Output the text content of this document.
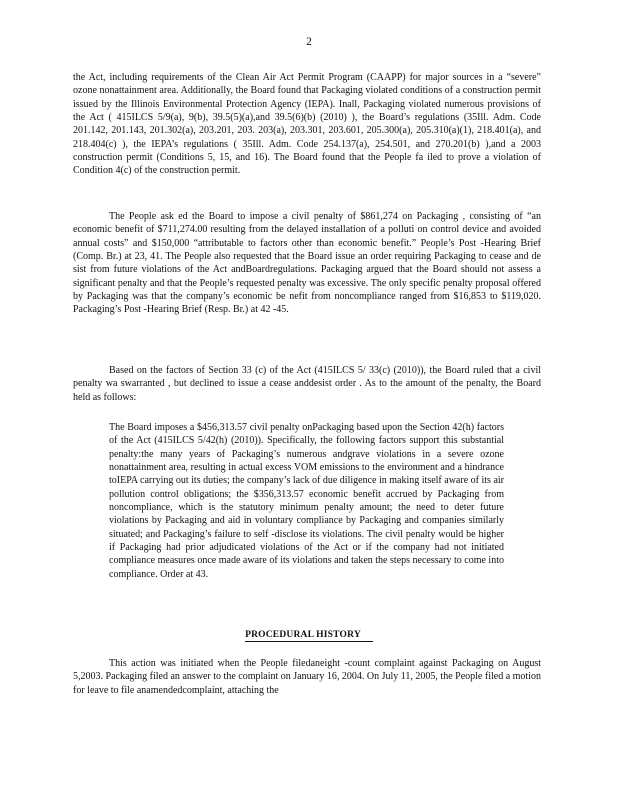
2

the Act, including requirements of the Clean Air Act Permit Program (CAAPP) for major sources in a “severe” ozone nonattainment area. Additionally, the Board found that Packaging violated conditions of a construction permit issued by the Illinois Environmental Protection Agency (IEPA). Inall, Packaging violated numerous provisions of the Act ( 415ILCS 5/9(a), 9(b), 39.5(5)(a),and 39.5(6)(b) (2010) ), the Board’s regulations (35Ill. Adm. Code 201.142, 201.143, 201.302(a), 203.201, 203. 203(a), 203.301, 203.601, 205.300(a), 205.310(a)(1), 218.401(a), and 218.404(c) ), the IEPA’s regulations ( 35Ill. Adm. Code 254.137(a), 254.501, and 270.201(b) ),and a 2003 construction permit (Conditions 5, 15, and 16). The Board found that the People fa iled to prove a violation of Condition 4(c) of the construction permit.

The People ask ed the Board to impose a civil penalty of $861,274 on Packaging , consisting of “an economic benefit of $711,274.00 resulting from the delayed installation of a polluti on control device and avoided annual costs” and $150,000 “attributable to factors other than economic benefit.” People’s Post -Hearing Brief (Comp. Br.) at 23, 41. The People also requested that the Board issue an order requiring Packaging to cease and de sist from future violations of the Act andBoardregulations. Packaging argued that the Board should not assess a significant penalty and that the People’s requested penalty was excessive. The only specific penalty proposal offered by Packaging was that the company’s economic be nefit from noncompliance ranged from $16,853 to $119,020. Packaging’s Post -Hearing Brief (Resp. Br.) at 42 -45.

Based on the factors of Section 33 (c) of the Act (415ILCS 5/ 33(c) (2010)), the Board ruled that a civil penalty wa swarranted , but declined to issue a cease anddesist order . As to the amount of the penalty, the Board held as follows:

The Board imposes a $456,313.57 civil penalty onPackaging based upon the Section 42(h) factors of the Act (415ILCS 5/42(h) (2010)). Specifically, the following factors support this substantial penalty:the many years of Packaging’s numerous andgrave violations in a severe ozone nonattainment area, resulting in actual excess VOM emissions to the environment and a hindrance toIEPA carrying out its duties; the company’s lack of due diligence in making itself aware of its air pollution control obligations; the $356,313.57 economic benefit accrued by Packaging from noncompliance, which is the statutory minimum penalty amount; the need to deter future violations by Packaging and aid in voluntary compliance by Packaging and companies similarly situated; and Packaging’s failure to self -disclose its violations. The civil penalty would be higher if Packaging had prior adjudicated violations of the Act or if the company had not initiated compliance measures once made aware of its violations and taken the steps necessary to come into compliance. Order at 43.

PROCEDURAL HISTORY

This action was initiated when the People filedaneight -count complaint against Packaging on August 5,2003. Packaging filed an answer to the complaint on January 16, 2004. On July 11, 2005, the People filed a motion for leave to file anamendedcomplaint, attaching the
